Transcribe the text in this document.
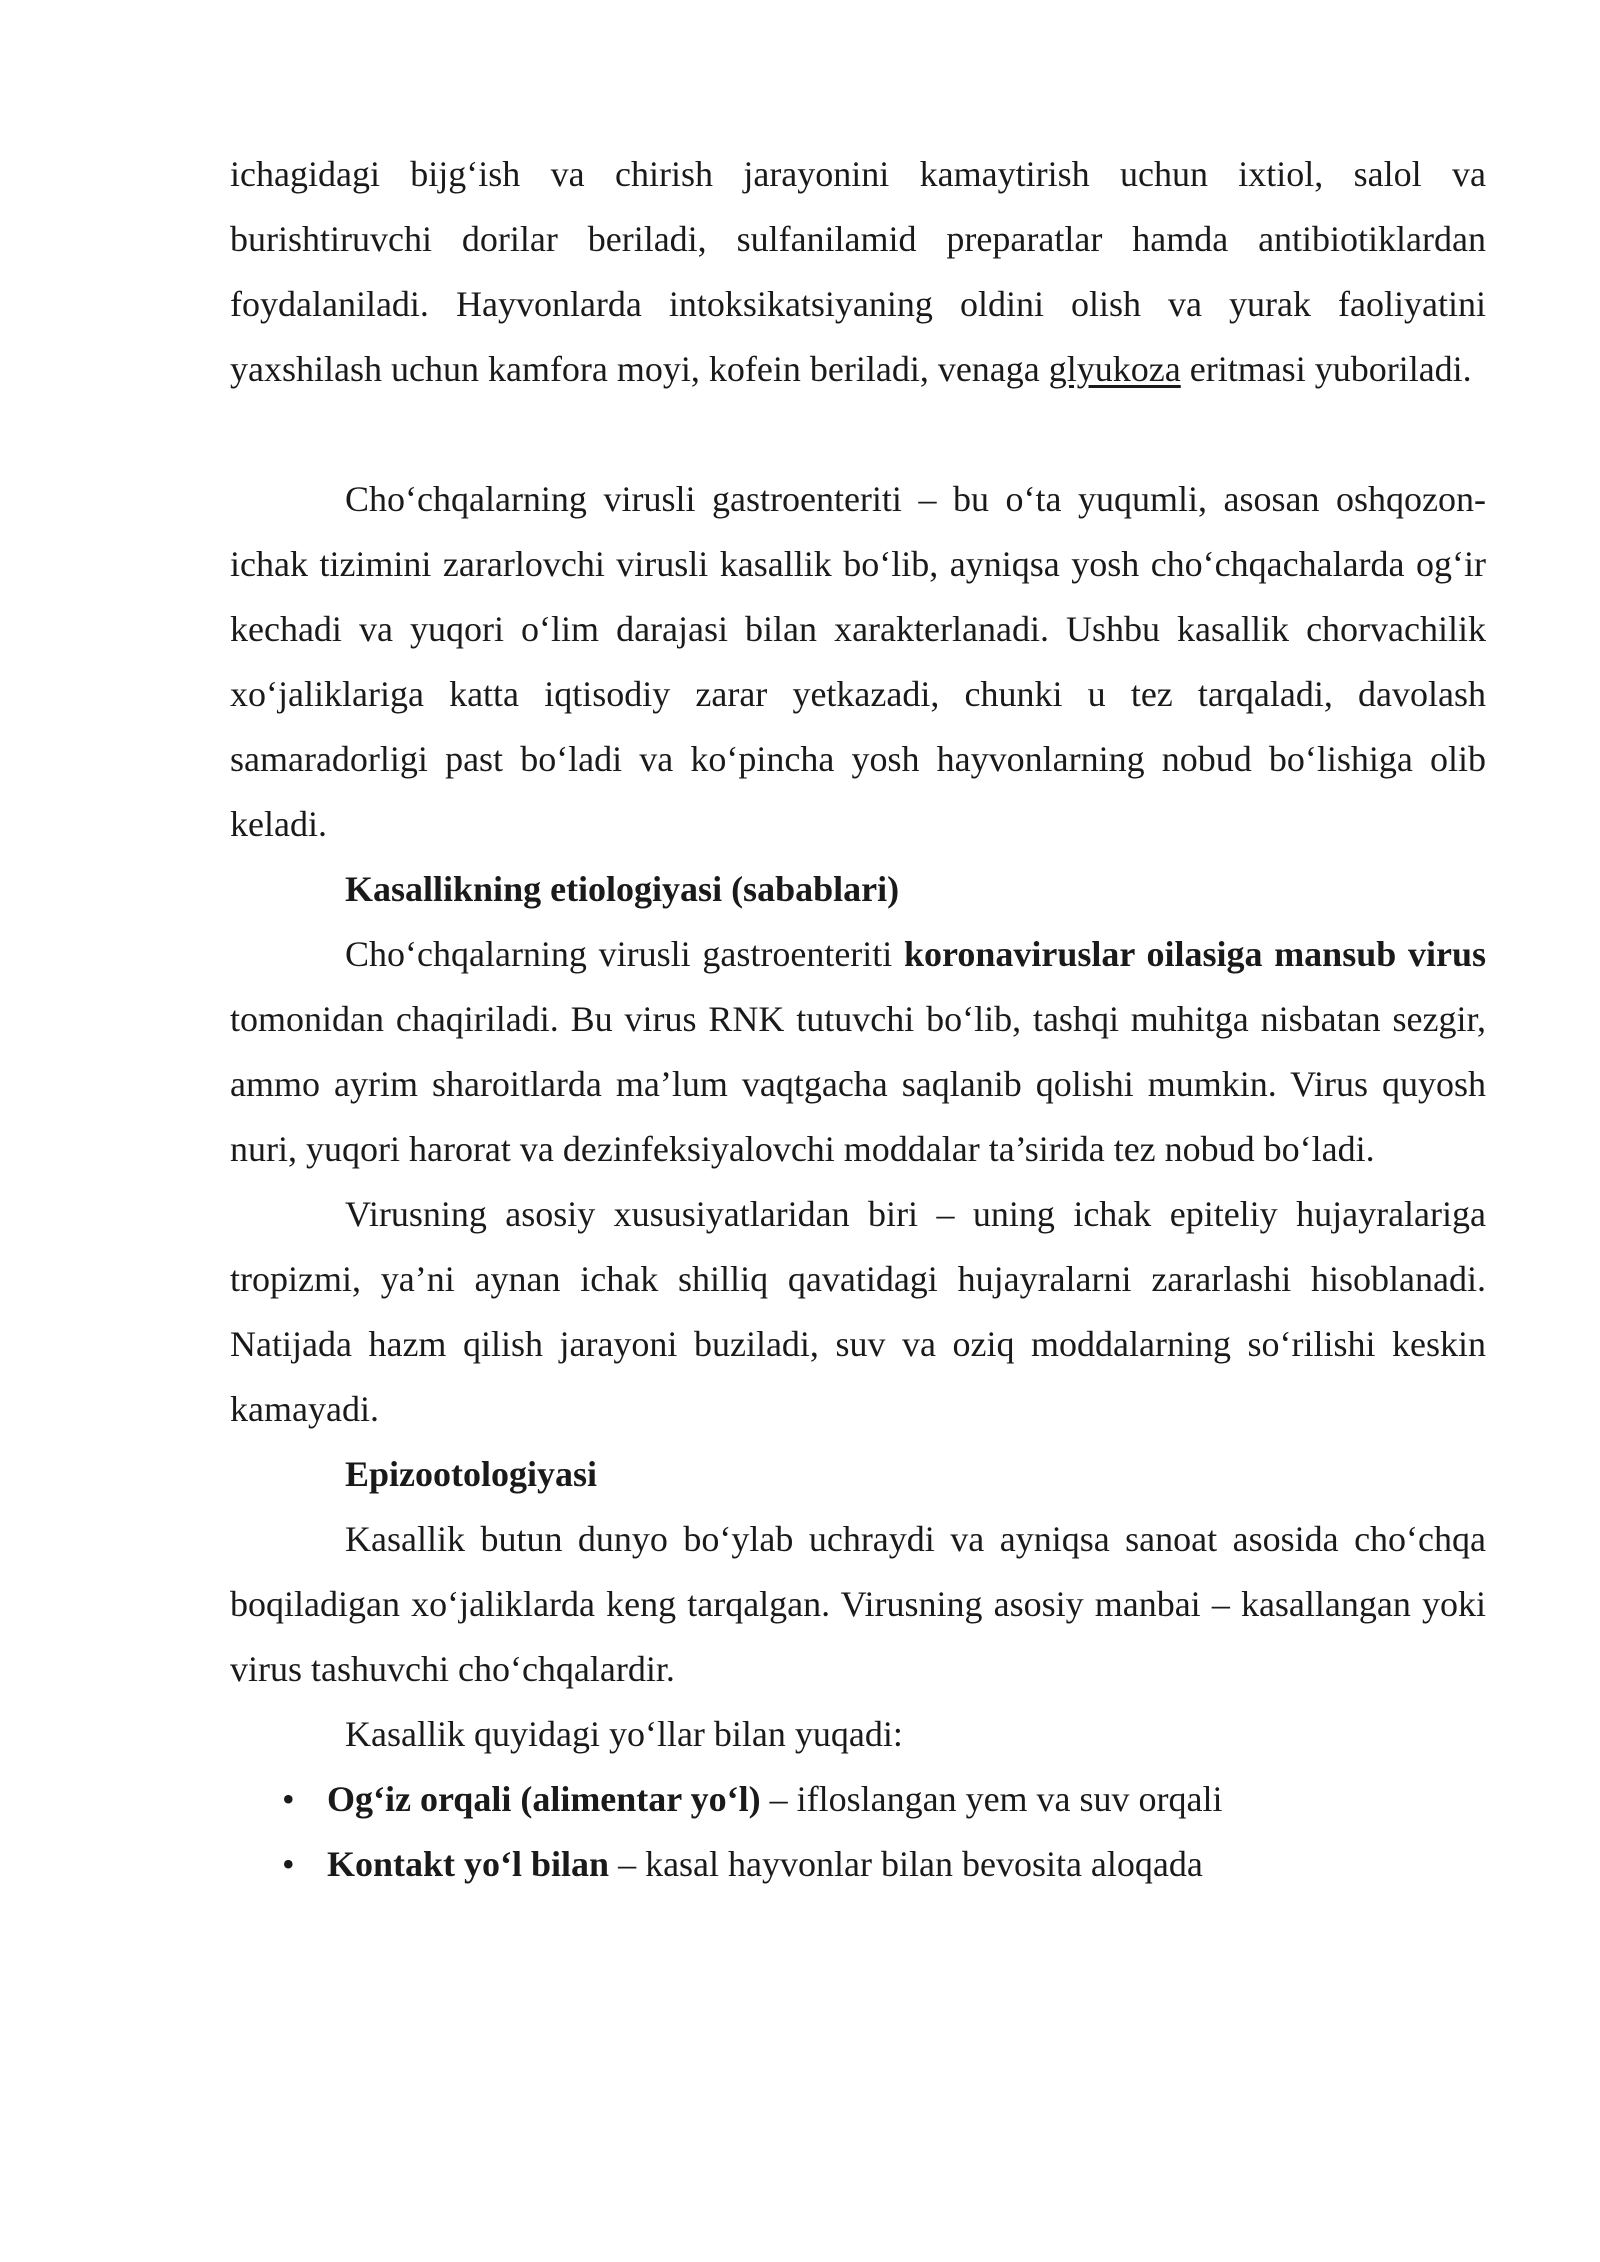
ichagidagi bijg‘ish va chirish jarayonini kamaytirish uchun ixtiol, salol va burishtiruvchi dorilar beriladi, sulfanilamid preparatlar hamda antibiotiklardan foydalaniladi. Hayvonlarda intoksikatsiyaning oldini olish va yurak faoliyatini yaxshilash uchun kamfora moyi, kofein beriladi, venaga glyukoza eritmasi yuboriladi.

Cho‘chqalarning virusli gastroenteriti – bu o‘ta yuqumli, asosan oshqozon-ichak tizimini zararlovchi virusli kasallik bo‘lib, ayniqsa yosh cho‘chqachalarda og‘ir kechadi va yuqori o‘lim darajasi bilan xarakterlanadi. Ushbu kasallik chorvachilik xo‘jaliklariga katta iqtisodiy zarar yetkazadi, chunki u tez tarqaladi, davolash samaradorligi past bo‘ladi va ko‘pincha yosh hayvonlarning nobud bo‘lishiga olib keladi.

Kasallikning etiologiyasi (sabablari)

Cho‘chqalarning virusli gastroenteriti koronaviruslar oilasiga mansub virus tomonidan chaqiriladi. Bu virus RNK tutuvchi bo‘lib, tashqi muhitga nisbatan sezgir, ammo ayrim sharoitlarda ma’lum vaqtgacha saqlanib qolishi mumkin. Virus quyosh nuri, yuqori harorat va dezinfeksiyalovchi moddalar ta’sirida tez nobud bo‘ladi.

Virusning asosiy xususiyatlaridan biri – uning ichak epiteliy hujayralariga tropizmi, ya’ni aynan ichak shilliq qavatidagi hujayralarni zararlashi hisoblanadi. Natijada hazm qilish jarayoni buziladi, suv va oziq moddalarning so‘rilishi keskin kamayadi.

Epizootologiyasi

Kasallik butun dunyo bo‘ylab uchraydi va ayniqsa sanoat asosida cho‘chqa boqiladigan xo‘jaliklarda keng tarqalgan. Virusning asosiy manbai – kasallangan yoki virus tashuvchi cho‘chqalardir.

Kasallik quyidagi yo‘llar bilan yuqadi:

• Og‘iz orqali (alimentar yo‘l) – ifloslangan yem va suv orqali
• Kontakt yo‘l bilan – kasal hayvonlar bilan bevosita aloqada
